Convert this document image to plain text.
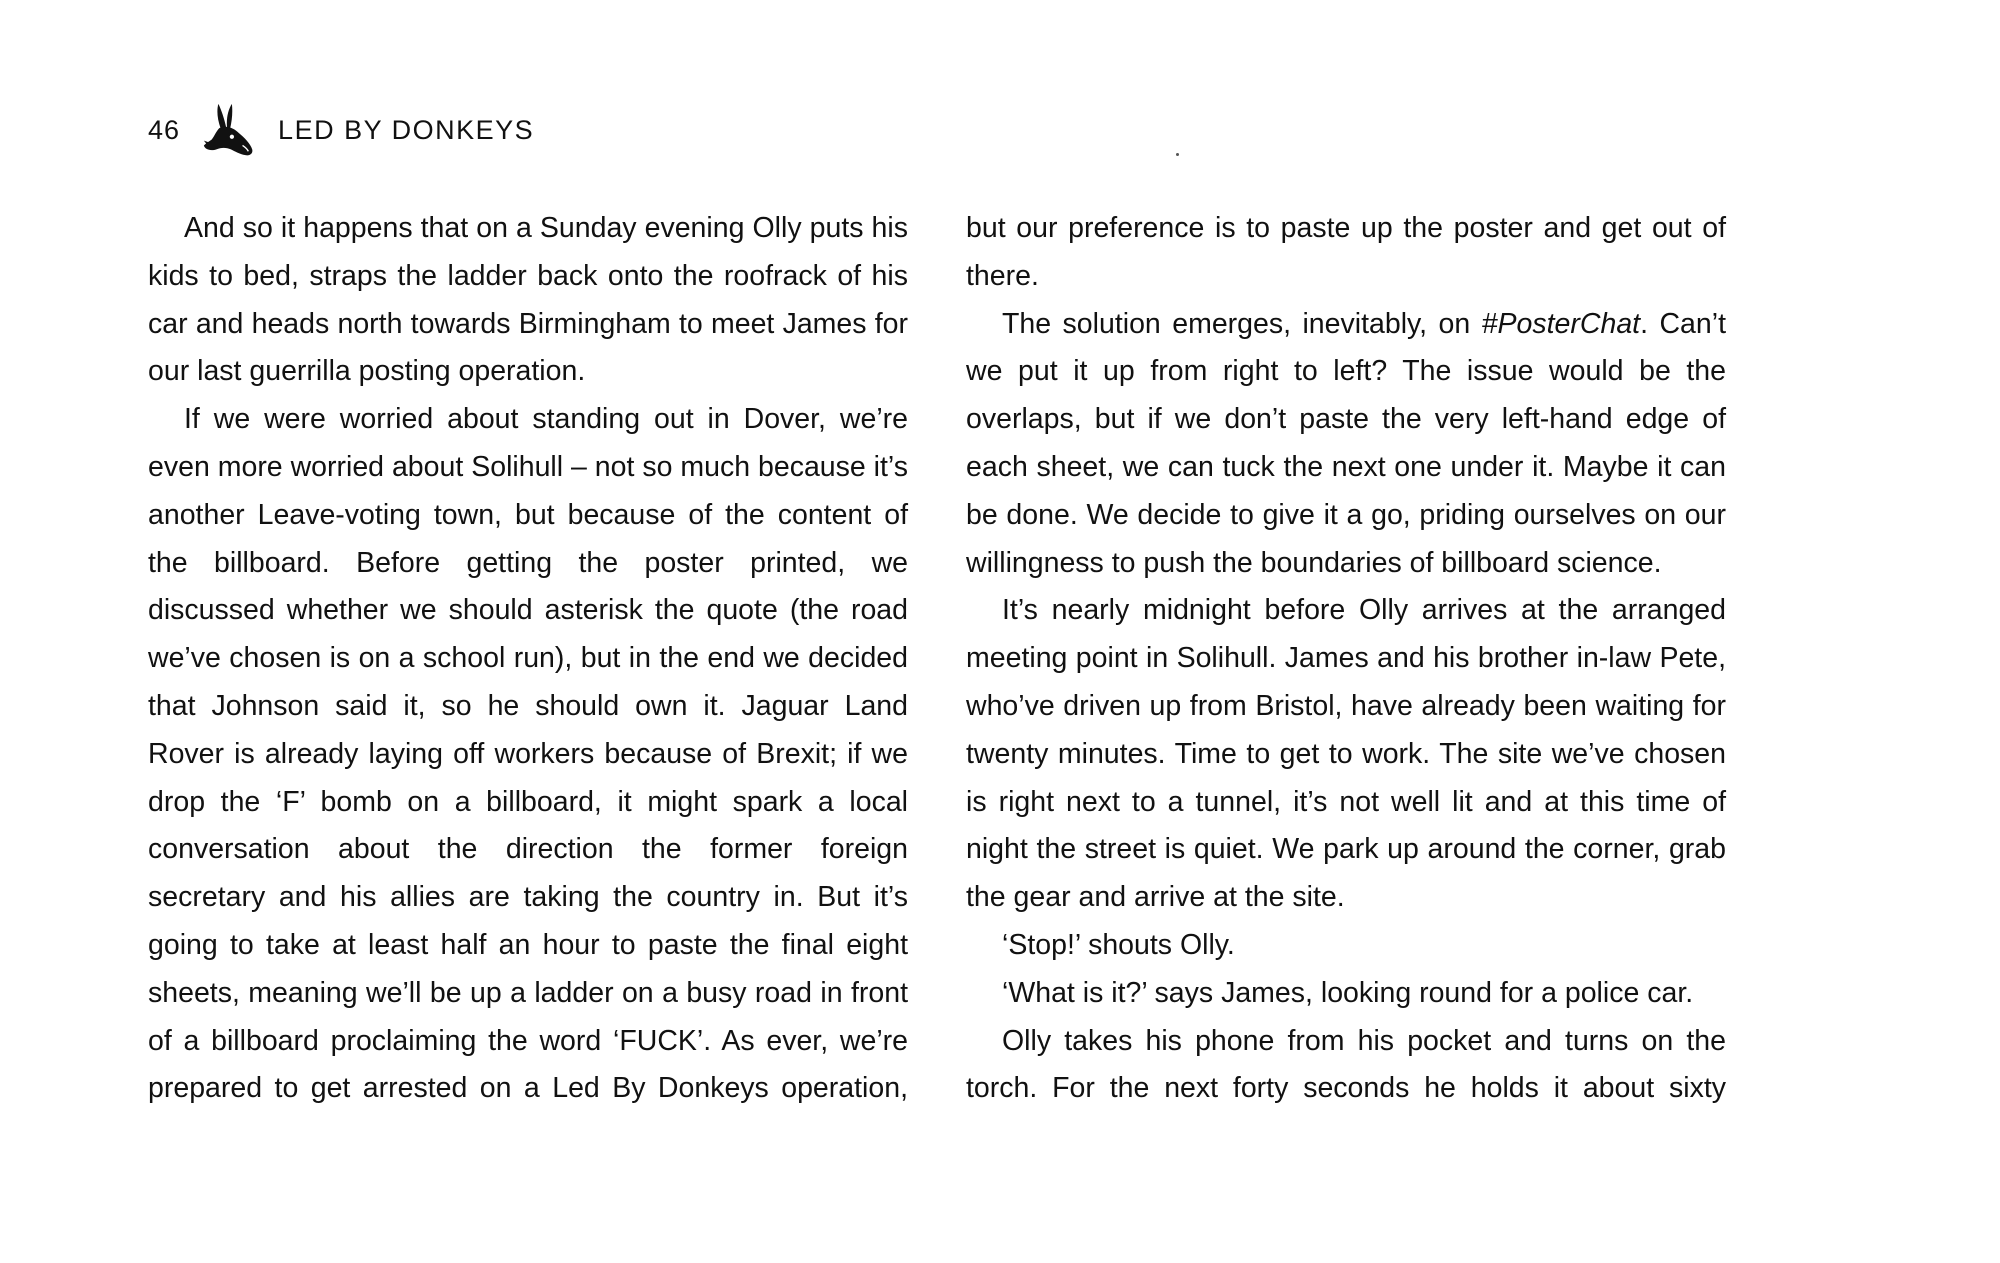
46	LED BY DONKEYS

And so it happens that on a Sunday evening Olly puts his kids to bed, straps the ladder back onto the roofrack of his car and heads north towards Birmingham to meet James for our last guerrilla posting operation.

If we were worried about standing out in Dover, we’re even more worried about Solihull – not so much because it’s another Leave-voting town, but because of the content of the billboard. Before getting the poster printed, we discussed whether we should asterisk the quote (the road we’ve chosen is on a school run), but in the end we decided that Johnson said it, so he should own it. Jaguar Land Rover is already laying off workers because of Brexit; if we drop the ‘F’ bomb on a billboard, it might spark a local conversation about the direction the former foreign secretary and his allies are taking the country in. But it’s going to take at least half an hour to paste the final eight sheets, meaning we’ll be up a ladder on a busy road in front of a billboard proclaiming the word ‘FUCK’. As ever, we’re prepared to get arrested on a Led By Donkeys operation,

but our preference is to paste up the poster and get out of there.

The solution emerges, inevitably, on #PosterChat. Can’t we put it up from right to left? The issue would be the overlaps, but if we don’t paste the very left-hand edge of each sheet, we can tuck the next one under it. Maybe it can be done. We decide to give it a go, priding ourselves on our willingness to push the boundaries of billboard science.

It’s nearly midnight before Olly arrives at the arranged meeting point in Solihull. James and his brother in-law Pete, who’ve driven up from Bristol, have already been waiting for twenty minutes. Time to get to work. The site we’ve chosen is right next to a tunnel, it’s not well lit and at this time of night the street is quiet. We park up around the corner, grab the gear and arrive at the site.

‘Stop!’ shouts Olly.

‘What is it?’ says James, looking round for a police car.

Olly takes his phone from his pocket and turns on the torch. For the next forty seconds he holds it about sixty
